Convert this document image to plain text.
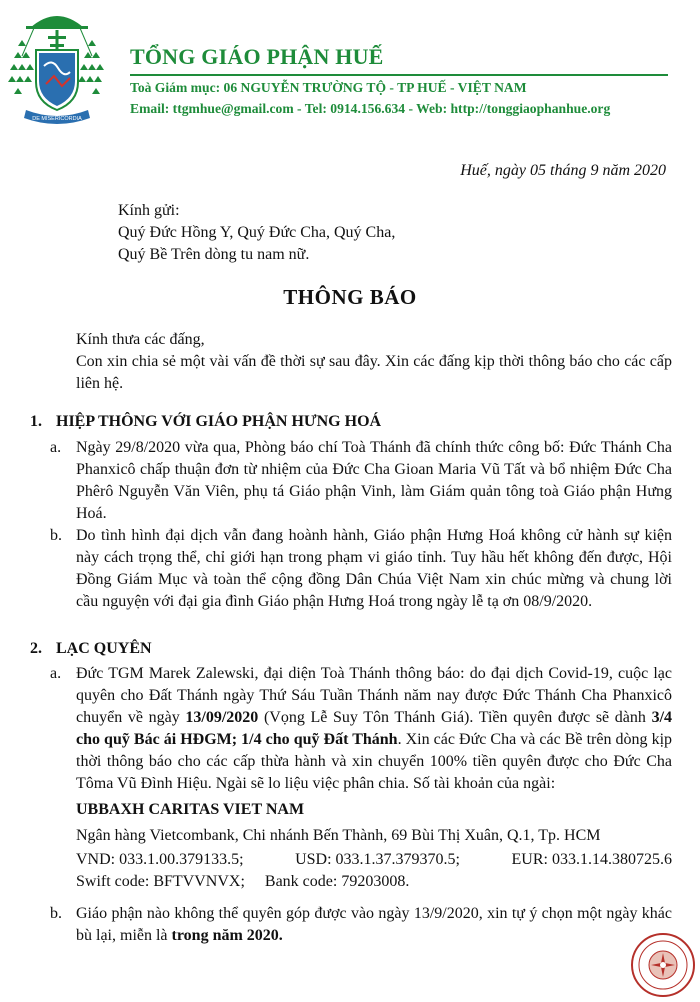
DE MISERICORDIA
TỔNG GIÁO PHẬN HUẾ
Toà Giám mục: 06 NGUYỄN TRƯỜNG TỘ - TP HUẾ - VIỆT NAM
Email: ttgmhue@gmail.com - Tel: 0914.156.634 - Web: http://tonggiaophanhue.org
Huế, ngày 05 tháng 9 năm 2020
Kính gửi:
Quý Đức Hồng Y, Quý Đức Cha, Quý Cha,
Quý Bề Trên dòng tu nam nữ.
THÔNG BÁO
Kính thưa các đấng,
Con xin chia sẻ một vài vấn đề thời sự sau đây. Xin các đấng kịp thời thông báo cho các cấp liên hệ.
1. HIỆP THÔNG VỚI GIÁO PHẬN HƯNG HOÁ
a. Ngày 29/8/2020 vừa qua, Phòng báo chí Toà Thánh đã chính thức công bố: Đức Thánh Cha Phanxicô chấp thuận đơn từ nhiệm của Đức Cha Gioan Maria Vũ Tất và bổ nhiệm Đức Cha Phêrô Nguyễn Văn Viên, phụ tá Giáo phận Vinh, làm Giám quản tông toà Giáo phận Hưng Hoá.
b. Do tình hình đại dịch vẫn đang hoành hành, Giáo phận Hưng Hoá không cử hành sự kiện này cách trọng thể, chỉ giới hạn trong phạm vi giáo tỉnh. Tuy hầu hết không đến được, Hội Đồng Giám Mục và toàn thể cộng đồng Dân Chúa Việt Nam xin chúc mừng và chung lời cầu nguyện với đại gia đình Giáo phận Hưng Hoá trong ngày lễ tạ ơn 08/9/2020.
2. LẠC QUYÊN
a. Đức TGM Marek Zalewski, đại diện Toà Thánh thông báo: do đại dịch Covid-19, cuộc lạc quyên cho Đất Thánh ngày Thứ Sáu Tuần Thánh năm nay được Đức Thánh Cha Phanxicô chuyển về ngày 13/09/2020 (Vọng Lễ Suy Tôn Thánh Giá). Tiền quyên được sẽ dành 3/4 cho quỹ Bác ái HĐGM; 1/4 cho quỹ Đất Thánh. Xin các Đức Cha và các Bề trên dòng kịp thời thông báo cho các cấp thừa hành và xin chuyển 100% tiền quyên được cho Đức Cha Tôma Vũ Đình Hiệu. Ngài sẽ lo liệu việc phân chia. Số tài khoản của ngài:
UBBAXH CARITAS VIET NAM
Ngân hàng Vietcombank, Chi nhánh Bến Thành, 69 Bùi Thị Xuân, Q.1, Tp. HCM
VND: 033.1.00.379133.5;	USD: 033.1.37.379370.5;	EUR: 033.1.14.380725.6
Swift code: BFTVVNVX; Bank code: 79203008.
b. Giáo phận nào không thể quyên góp được vào ngày 13/9/2020, xin tự ý chọn một ngày khác bù lại, miễn là trong năm 2020.
